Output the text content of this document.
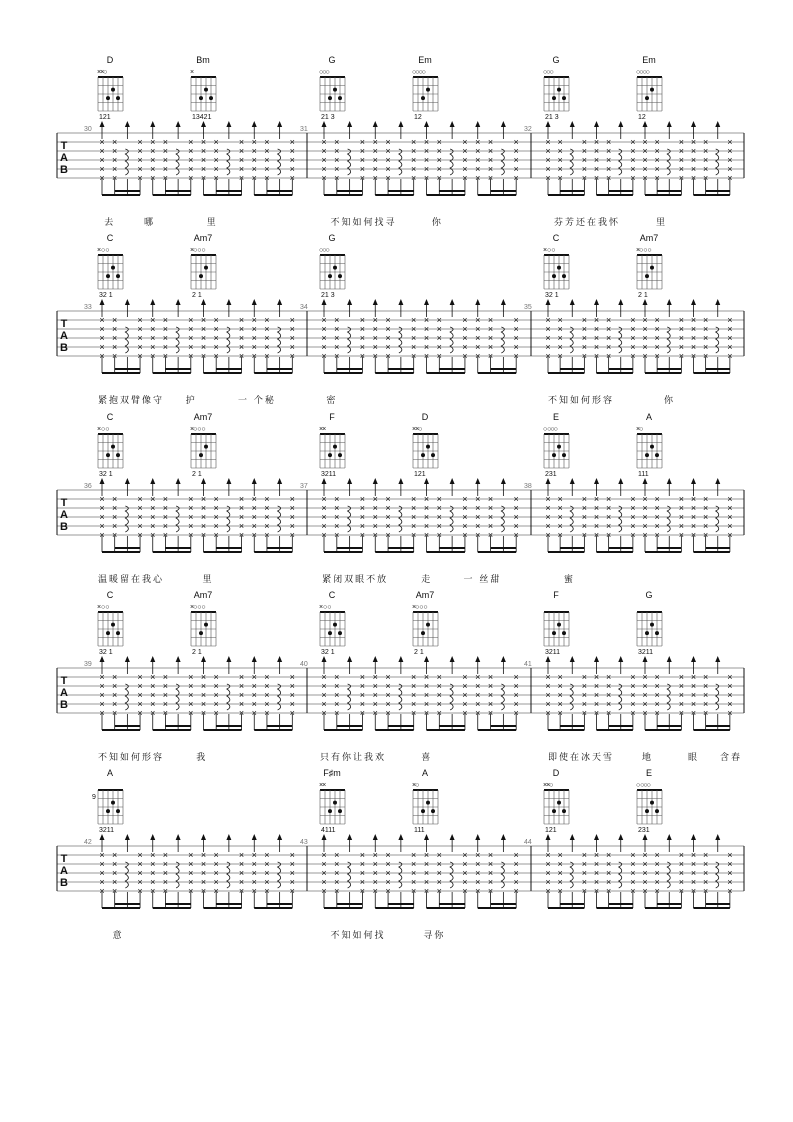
T
A
B
30
D
××○
121
Bm
×
13421
×
×
×
×
×
×
×
×
×
×
×
×
×
×
×
×
×
×
×
×
×
×
×
×
×
×
×
×
×
×
×
×
×
×
×
×
×
×
×
×
×
×
×
×
×
×
×
×
×
×
×
×
×
×
×
×
×
×
×
×
31
G
○○○
21 3
Em
○○○○
12
×
×
×
×
×
×
×
×
×
×
×
×
×
×
×
×
×
×
×
×
×
×
×
×
×
×
×
×
×
×
×
×
×
×
×
×
×
×
×
×
×
×
×
×
×
×
×
×
×
×
×
×
×
×
×
×
×
×
×
×
32
G
○○○
21 3
Em
○○○○
12
×
×
×
×
×
×
×
×
×
×
×
×
×
×
×
×
×
×
×
×
×
×
×
×
×
×
×
×
×
×
×
×
×
×
×
×
×
×
×
×
×
×
×
×
×
×
×
×
×
×
×
×
×
×
×
×
×
×
×
×
去	哪	里	不知如何找寻	你	芬芳还在我怀	里
T
A
B
33
C
× ○ ○
32 1
Am7
×○ ○ ○
2 1
×
×
×
×
×
×
×
×
×
×
×
×
×
×
×
×
×
×
×
×
×
×
×
×
×
×
×
×
×
×
×
×
×
×
×
×
×
×
×
×
×
×
×
×
×
×
×
×
×
×
×
×
×
×
×
×
×
×
×
×
34
G
○○○
21 3
×
×
×
×
×
×
×
×
×
×
×
×
×
×
×
×
×
×
×
×
×
×
×
×
×
×
×
×
×
×
×
×
×
×
×
×
×
×
×
×
×
×
×
×
×
×
×
×
×
×
×
×
×
×
×
×
×
×
×
×
35
C
× ○ ○
32 1
Am7
×○ ○ ○
2 1
×
×
×
×
×
×
×
×
×
×
×
×
×
×
×
×
×
×
×
×
×
×
×
×
×
×
×
×
×
×
×
×
×
×
×
×
×
×
×
×
×
×
×
×
×
×
×
×
×
×
×
×
×
×
×
×
×
×
×
×
紧抱双臂像守 护	一 个秘	密	不知如何形容	你
T
A
B
36
C
× ○ ○
32 1
Am7
×○ ○ ○
2 1
×
×
×
×
×
×
×
×
×
×
×
×
×
×
×
×
×
×
×
×
×
×
×
×
×
×
×
×
×
×
×
×
×
×
×
×
×
×
×
×
×
×
×
×
×
×
×
×
×
×
×
×
×
×
×
×
×
×
×
×
37
F
××
3211
D
××○
121
×
×
×
×
×
×
×
×
×
×
×
×
×
×
×
×
×
×
×
×
×
×
×
×
×
×
×
×
×
×
×
×
×
×
×
×
×
×
×
×
×
×
×
×
×
×
×
×
×
×
×
×
×
×
×
×
×
×
×
×
38
E
○ ○○○
231
A
×○
111
×
×
×
×
×
×
×
×
×
×
×
×
×
×
×
×
×
×
×
×
×
×
×
×
×
×
×
×
×
×
×
×
×
×
×
×
×
×
×
×
×
×
×
×
×
×
×
×
×
×
×
×
×
×
×
×
×
×
×
×
温暖留在我心	里	紧闭双眼不放	走	一 丝甜	蜜
T
A
B
39
C
× ○ ○
32 1
Am7
×○ ○ ○
2 1
×
×
×
×
×
×
×
×
×
×
×
×
×
×
×
×
×
×
×
×
×
×
×
×
×
×
×
×
×
×
×
×
×
×
×
×
×
×
×
×
×
×
×
×
×
×
×
×
×
×
×
×
×
×
×
×
×
×
×
×
40
C
× ○ ○
32 1
Am7
×○ ○ ○
2 1
×
×
×
×
×
×
×
×
×
×
×
×
×
×
×
×
×
×
×
×
×
×
×
×
×
×
×
×
×
×
×
×
×
×
×
×
×
×
×
×
×
×
×
×
×
×
×
×
×
×
×
×
×
×
×
×
×
×
×
×
41
F
3211
G
3211
×
×
×
×
×
×
×
×
×
×
×
×
×
×
×
×
×
×
×
×
×
×
×
×
×
×
×
×
×
×
×
×
×
×
×
×
×
×
×
×
×
×
×
×
×
×
×
×
×
×
×
×
×
×
×
×
×
×
×
×
不知如何形容	我	只有你让我欢	喜	即使在冰天雪	地	眼 含春
T
A
B
42
A
9
3211
×
×
×
×
×
×
×
×
×
×
×
×
×
×
×
×
×
×
×
×
×
×
×
×
×
×
×
×
×
×
×
×
×
×
×
×
×
×
×
×
×
×
×
×
×
×
×
×
×
×
×
×
×
×
×
×
×
×
×
×
43
F♯m
××
4111
A
×○
111
×
×
×
×
×
×
×
×
×
×
×
×
×
×
×
×
×
×
×
×
×
×
×
×
×
×
×
×
×
×
×
×
×
×
×
×
×
×
×
×
×
×
×
×
×
×
×
×
×
×
×
×
×
×
×
×
×
×
×
×
44
D
××○
121
E
○ ○○○
231
×
×
×
×
×
×
×
×
×
×
×
×
×
×
×
×
×
×
×
×
×
×
×
×
×
×
×
×
×
×
×
×
×
×
×
×
×
×
×
×
×
×
×
×
×
×
×
×
×
×
×
×
×
×
×
×
×
×
×
×
意	不知如何找	寻你
